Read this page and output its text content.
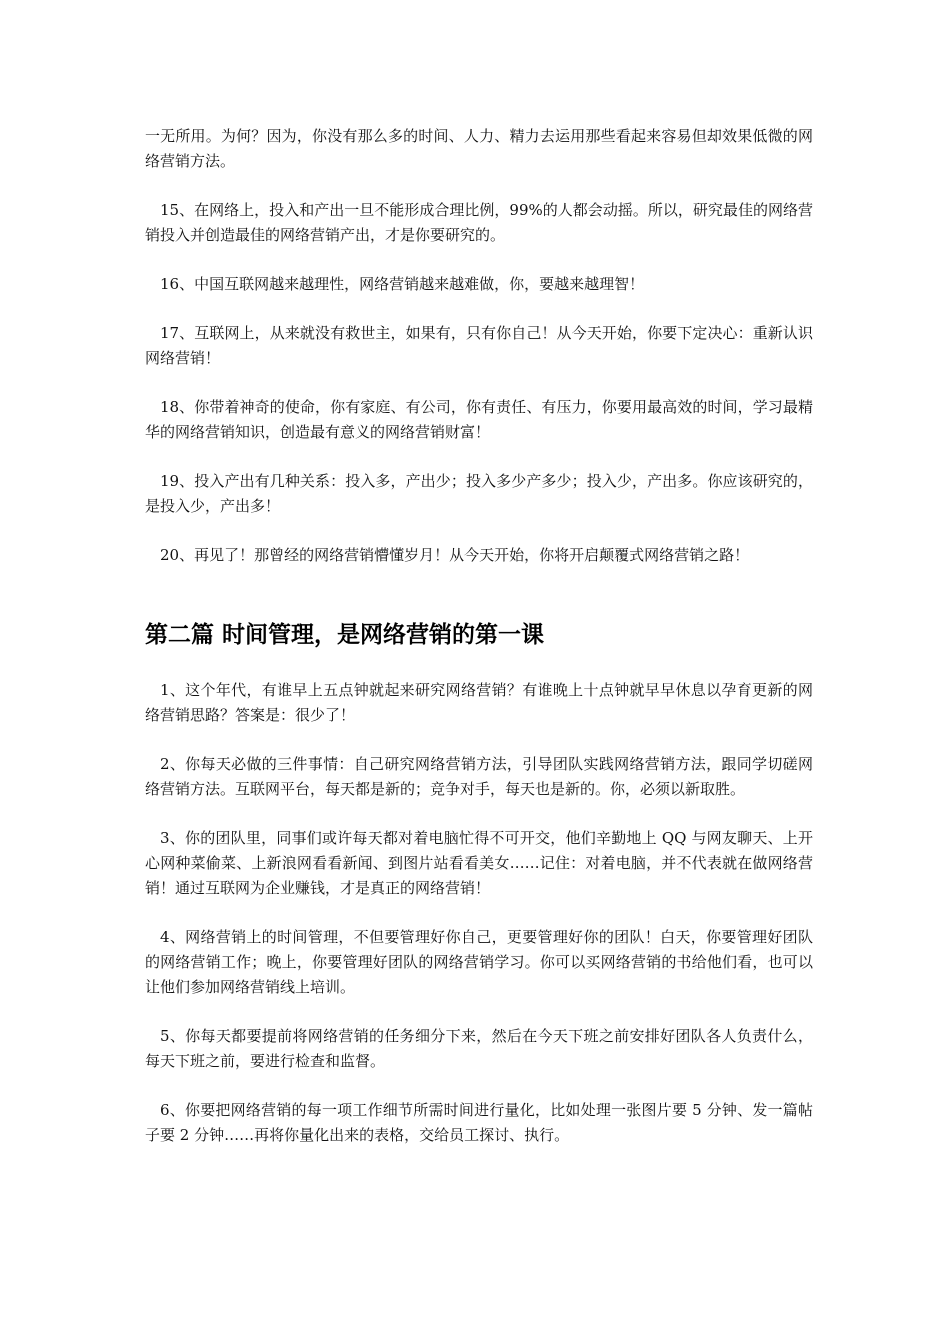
一无所用。为何？因为，你没有那么多的时间、人力、精力去运用那些看起来容易但却效果低微的网络营销方法。

15、在网络上，投入和产出一旦不能形成合理比例，99%的人都会动摇。所以，研究最佳的网络营销投入并创造最佳的网络营销产出，才是你要研究的。

16、中国互联网越来越理性，网络营销越来越难做，你，要越来越理智！

17、互联网上，从来就没有救世主，如果有，只有你自己！从今天开始，你要下定决心：重新认识网络营销！

18、你带着神奇的使命，你有家庭、有公司，你有责任、有压力，你要用最高效的时间，学习最精华的网络营销知识，创造最有意义的网络营销财富！

19、投入产出有几种关系：投入多，产出少；投入多少产多少；投入少，产出多。你应该研究的，是投入少，产出多！

20、再见了！那曾经的网络营销懵懂岁月！从今天开始，你将开启颠覆式网络营销之路！

第二篇 时间管理，是网络营销的第一课

1、这个年代，有谁早上五点钟就起来研究网络营销？有谁晚上十点钟就早早休息以孕育更新的网络营销思路？答案是：很少了！

2、你每天必做的三件事情：自己研究网络营销方法，引导团队实践网络营销方法，跟同学切磋网络营销方法。互联网平台，每天都是新的；竞争对手，每天也是新的。你，必须以新取胜。

3、你的团队里，同事们或许每天都对着电脑忙得不可开交，他们辛勤地上 QQ 与网友聊天、上开心网种菜偷菜、上新浪网看看新闻、到图片站看看美女……记住：对着电脑，并不代表就在做网络营销！通过互联网为企业赚钱，才是真正的网络营销！

4、网络营销上的时间管理，不但要管理好你自己，更要管理好你的团队！白天，你要管理好团队的网络营销工作；晚上，你要管理好团队的网络营销学习。你可以买网络营销的书给他们看，也可以让他们参加网络营销线上培训。

5、你每天都要提前将网络营销的任务细分下来，然后在今天下班之前安排好团队各人负责什么，每天下班之前，要进行检查和监督。

6、你要把网络营销的每一项工作细节所需时间进行量化，比如处理一张图片要 5 分钟、发一篇帖子要 2 分钟……再将你量化出来的表格，交给员工探讨、执行。
